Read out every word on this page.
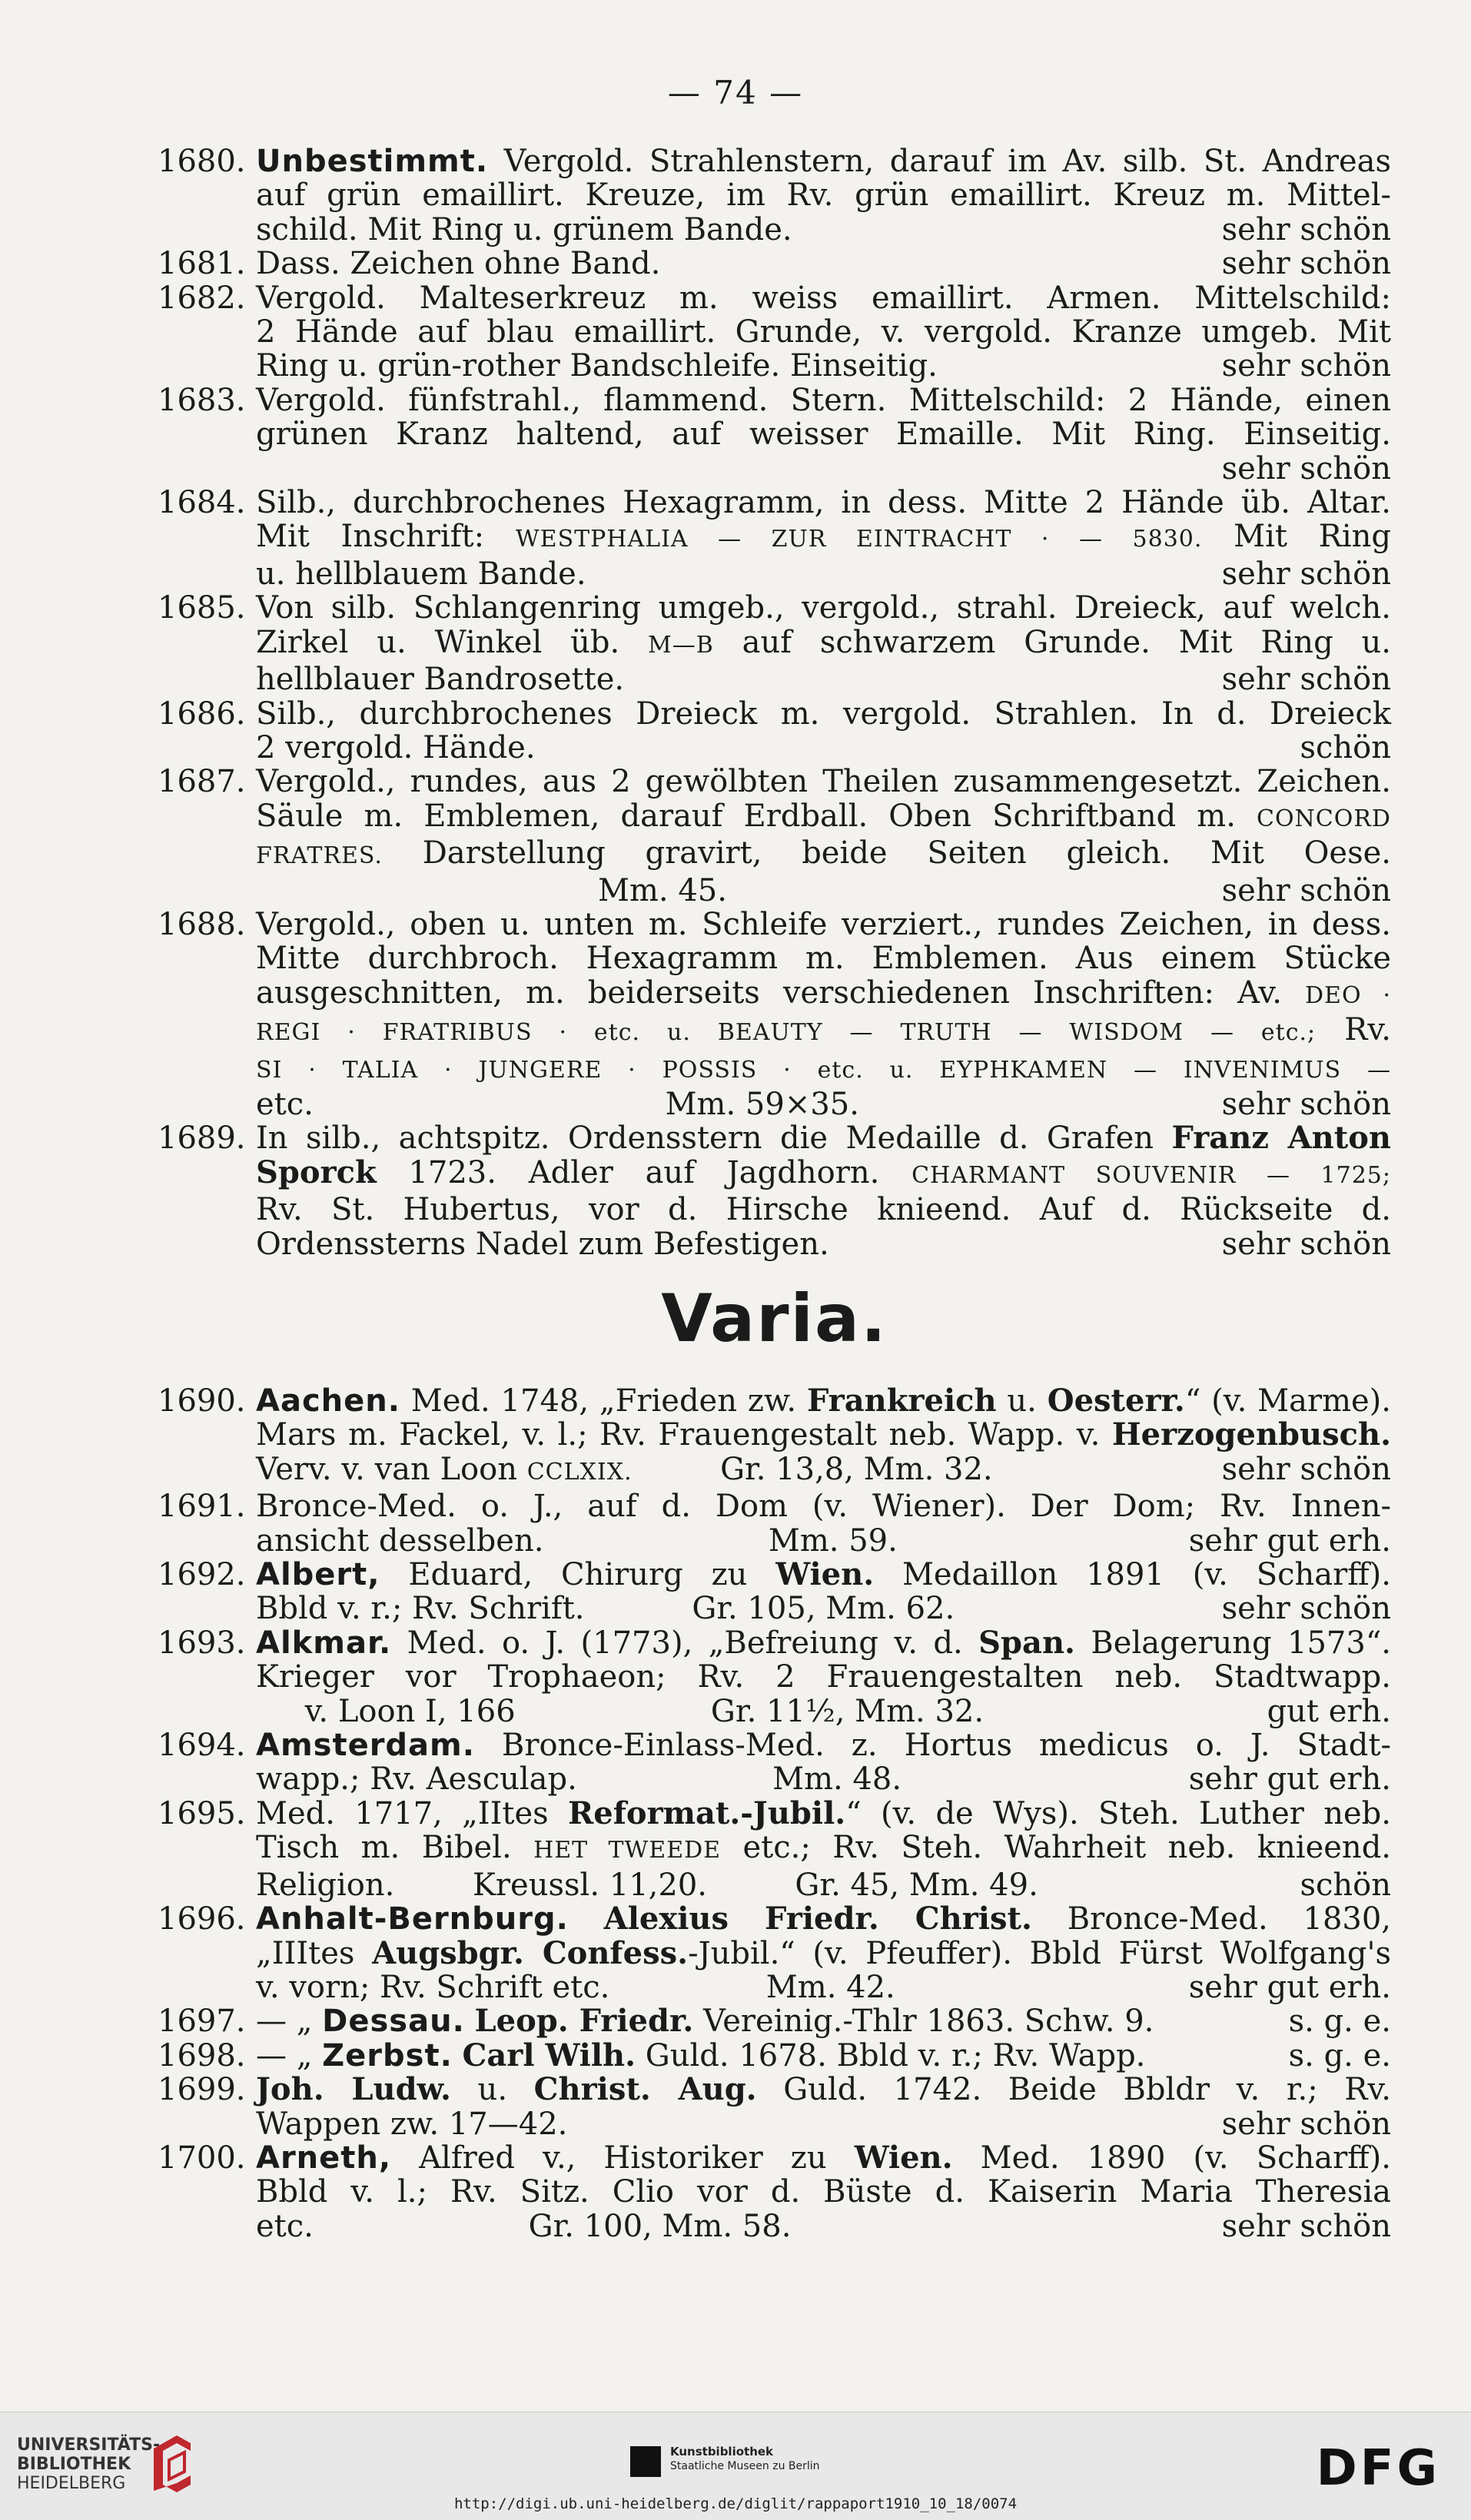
— 74 —
1680. Unbestimmt. Vergold. Strahlenstern, darauf im Av. silb. St. Andreas
auf grün emaillirt. Kreuze, im Rv. grün emaillirt. Kreuz m. Mittel-
schild. Mit Ring u. grünem Bande.	sehr schön
1681. Dass. Zeichen ohne Band.	sehr schön
1682. Vergold. Malteserkreuz m. weiss emaillirt. Armen. Mittelschild:
2 Hände auf blau emaillirt. Grunde, v. vergold. Kranze umgeb. Mit
Ring u. grün-rother Bandschleife. Einseitig.	sehr schön
1683. Vergold. fünfstrahl., flammend. Stern. Mittelschild: 2 Hände, einen
grünen Kranz haltend, auf weisser Emaille. Mit Ring. Einseitig.
sehr schön
1684. Silb., durchbrochenes Hexagramm, in dess. Mitte 2 Hände üb. Altar.
Mit Inschrift: WESTPHALIA — ZUR EINTRACHT · — 5830. Mit Ring
u. hellblauem Bande.	sehr schön
1685. Von silb. Schlangenring umgeb., vergold., strahl. Dreieck, auf welch.
Zirkel u. Winkel üb. M—B auf schwarzem Grunde. Mit Ring u.
hellblauer Bandrosette.	sehr schön
1686. Silb., durchbrochenes Dreieck m. vergold. Strahlen. In d. Dreieck
2 vergold. Hände.	schön
1687. Vergold., rundes, aus 2 gewölbten Theilen zusammengesetzt. Zeichen.
Säule m. Emblemen, darauf Erdball. Oben Schriftband m. CONCORD
FRATRES. Darstellung gravirt, beide Seiten gleich. Mit Oese.
Mm. 45.	sehr schön
1688. Vergold., oben u. unten m. Schleife verziert., rundes Zeichen, in dess.
Mitte durchbroch. Hexagramm m. Emblemen. Aus einem Stücke
ausgeschnitten, m. beiderseits verschiedenen Inschriften: Av. DEO ·
REGI · FRATRIBUS · etc. u. BEAUTY — TRUTH — WISDOM — etc.; Rv.
SI · TALIA · JUNGERE · POSSIS · etc. u. EYPHKAMEN — INVENIMUS —
etc.                                    Mm. 59×35.	sehr schön
1689. In silb., achtspitz. Ordensstern die Medaille d. Grafen Franz Anton
Sporck 1723. Adler auf Jagdhorn. CHARMANT SOUVENIR — 1725;
Rv. St. Hubertus, vor d. Hirsche knieend. Auf d. Rückseite d.
Ordenssterns Nadel zum Befestigen.	sehr schön
Varia.
1690. Aachen. Med. 1748, „Frieden zw. Frankreich u. Oesterr.“ (v. Marme).
Mars m. Fackel, v. l.; Rv. Frauengestalt neb. Wapp. v. Herzogenbusch.
Verv. v. van Loon CCLXIX.         Gr. 13,8, Mm. 32.	sehr schön
1691. Bronce-Med. o. J., auf d. Dom (v. Wiener). Der Dom; Rv. Innen-
ansicht desselben.                       Mm. 59.	sehr gut erh.
1692. Albert, Eduard, Chirurg zu Wien. Medaillon 1891 (v. Scharff).
Bbld v. r.; Rv. Schrift.           Gr. 105, Mm. 62.	sehr schön
1693. Alkmar. Med. o. J. (1773), „Befreiung v. d. Span. Belagerung 1573“.
Krieger vor Trophaeon; Rv. 2 Frauengestalten neb. Stadtwapp.
v. Loon I, 166                    Gr. 11½, Mm. 32.	gut erh.
1694. Amsterdam. Bronce-Einlass-Med. z. Hortus medicus o. J. Stadt-
wapp.; Rv. Aesculap.                    Mm. 48.	sehr gut erh.
1695. Med. 1717, „IItes Reformat.-Jubil.“ (v. de Wys). Steh. Luther neb.
Tisch m. Bibel. HET TWEEDE etc.; Rv. Steh. Wahrheit neb. knieend.
Religion.        Kreussl. 11,20.         Gr. 45, Mm. 49.	schön
1696. Anhalt-Bernburg. Alexius Friedr. Christ. Bronce-Med. 1830,
„IIItes Augsbgr. Confess.-Jubil.“ (v. Pfeuffer). Bbld Fürst Wolfgang's
v. vorn; Rv. Schrift etc.                Mm. 42.	sehr gut erh.
1697. — „ Dessau. Leop. Friedr. Vereinig.-Thlr 1863. Schw. 9.	s. g. e.
1698. — „ Zerbst. Carl Wilh. Guld. 1678. Bbld v. r.; Rv. Wapp.	s. g. e.
1699. Joh. Ludw. u. Christ. Aug. Guld. 1742. Beide Bbldr v. r.; Rv.
Wappen zw. 17—42.	sehr schön
1700. Arneth, Alfred v., Historiker zu Wien. Med. 1890 (v. Scharff).
Bbld v. l.; Rv. Sitz. Clio vor d. Büste d. Kaiserin Maria Theresia
etc.                      Gr. 100, Mm. 58.	sehr schön
UNIVERSITÄTS-
BIBLIOTHEK
HEIDELBERG
Kunstbibliothek
Staatliche Museen zu Berlin	DFG
http://digi.ub.uni-heidelberg.de/diglit/rappaport1910_10_18/0074
